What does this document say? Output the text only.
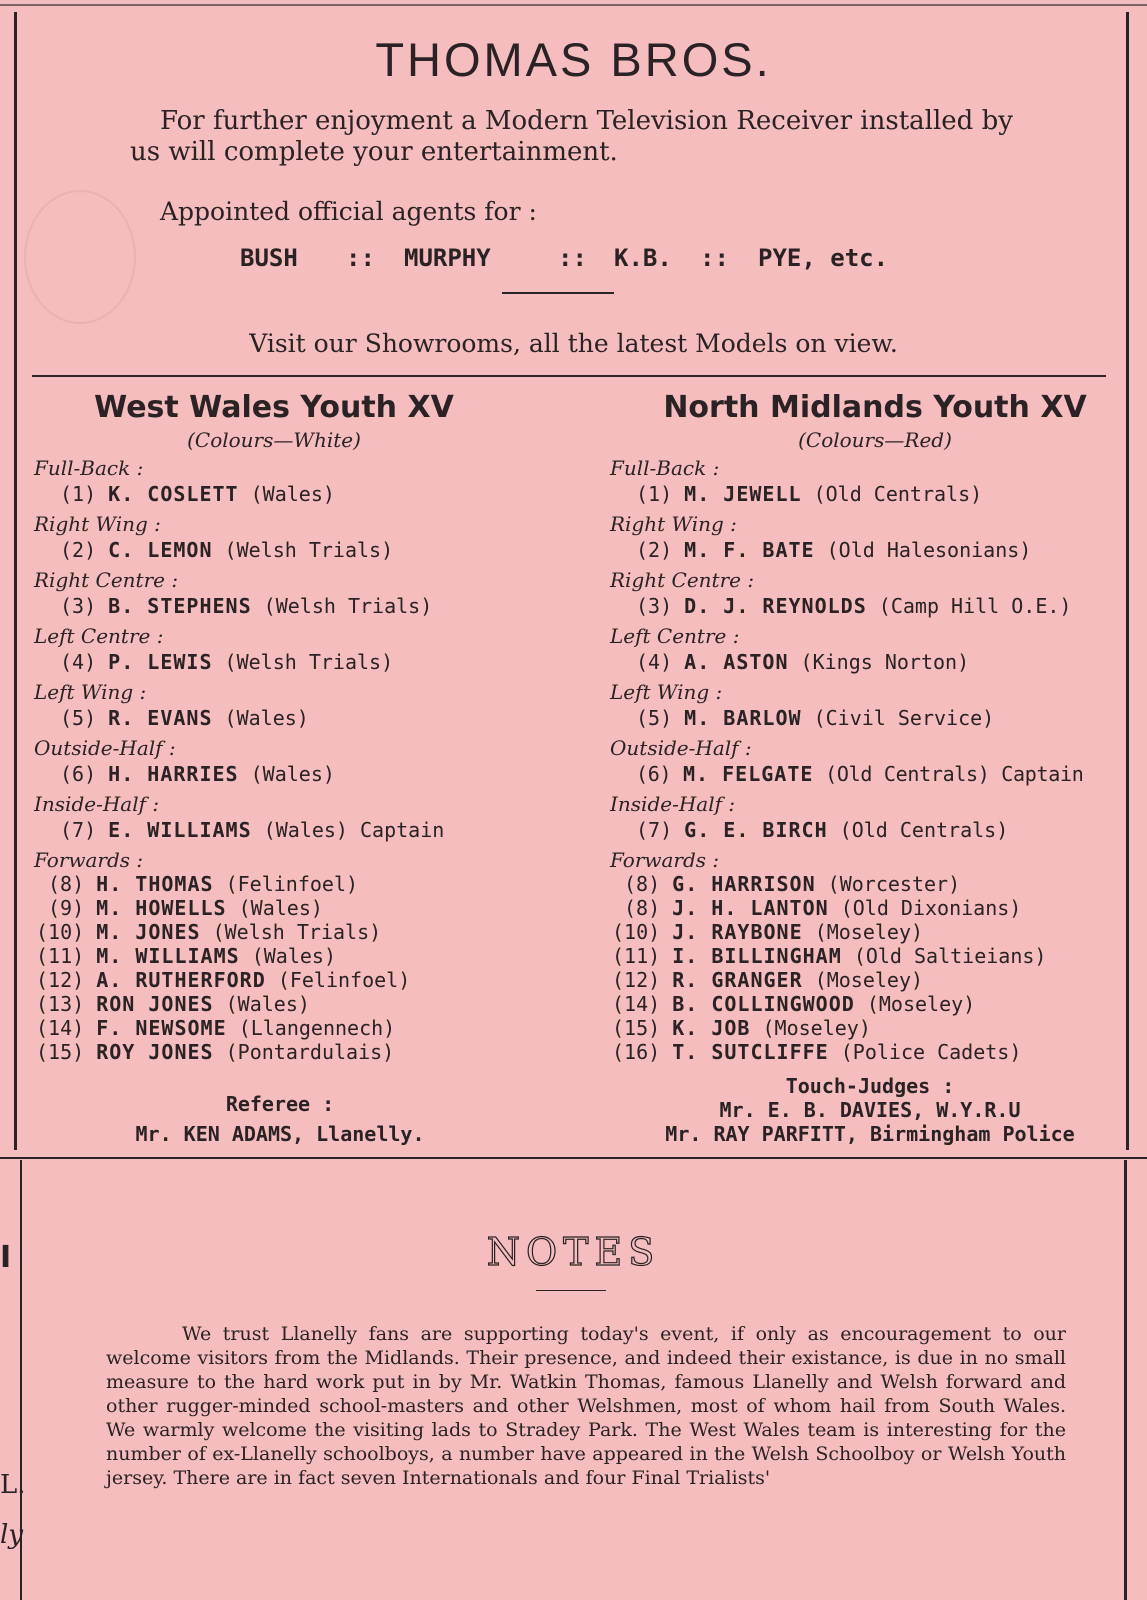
THOMAS BROS.
For further enjoyment a Modern Television Receiver installed by us will complete your entertainment.
Appointed official agents for :
BUSH :: MURPHY	:: K.B. :: PYE, etc.
Visit our Showrooms, all the latest Models on view.
West Wales Youth XV
(Colours—White)
Full-Back :
(1) K. COSLETT (Wales)
Right Wing :
(2) C. LEMON (Welsh Trials)
Right Centre :
(3) B. STEPHENS (Welsh Trials)
Left Centre :
(4) P. LEWIS (Welsh Trials)
Left Wing :
(5) R. EVANS (Wales)
Outside-Half :
(6) H. HARRIES (Wales)
Inside-Half :
(7) E. WILLIAMS (Wales) Captain
Forwards :
(8) H. THOMAS (Felinfoel)
(9) M. HOWELLS (Wales)
(10) M. JONES (Welsh Trials)
(11) M. WILLIAMS (Wales)
(12) A. RUTHERFORD (Felinfoel)
(13) RON JONES (Wales)
(14) F. NEWSOME (Llangennech)
(15) ROY JONES (Pontardulais)
Referee :
Mr. KEN ADAMS, Llanelly.
North Midlands Youth XV
(Colours—Red)
Full-Back :
(1) M. JEWELL (Old Centrals)
Right Wing :
(2) M. F. BATE (Old Halesonians)
Right Centre :
(3) D. J. REYNOLDS (Camp Hill O.E.)
Left Centre :
(4) A. ASTON (Kings Norton)
Left Wing :
(5) M. BARLOW (Civil Service)
Outside-Half :
(6) M. FELGATE (Old Centrals) Captain
Inside-Half :
(7) G. E. BIRCH (Old Centrals)
Forwards :
(8) G. HARRISON (Worcester)
(8) J. H. LANTON (Old Dixonians)
(10) J. RAYBONE (Moseley)
(11) I. BILLINGHAM (Old Saltieians)
(12) R. GRANGER (Moseley)
(14) B. COLLINGWOOD (Moseley)
(15) K. JOB (Moseley)
(16) T. SUTCLIFFE (Police Cadets)
Touch-Judges :
Mr. E. B. DAVIES, W.Y.R.U
Mr. RAY PARFITT, Birmingham Police
NOTES
We trust Llanelly fans are supporting today's event, if only as encouragement to our welcome visitors from the Midlands. Their presence, and indeed their existance, is due in no small measure to the hard work put in by Mr. Watkin Thomas, famous Llanelly and Welsh forward and other rugger-minded school-masters and other Welshmen, most of whom hail from South Wales. We warmly welcome the visiting lads to Stradey Park. The West Wales team is interesting for the number of ex-Llanelly schoolboys, a number have appeared in the Welsh Schoolboy or Welsh Youth jersey. There are in fact seven Internationals and four Final Trialists'
I
L.
ly
